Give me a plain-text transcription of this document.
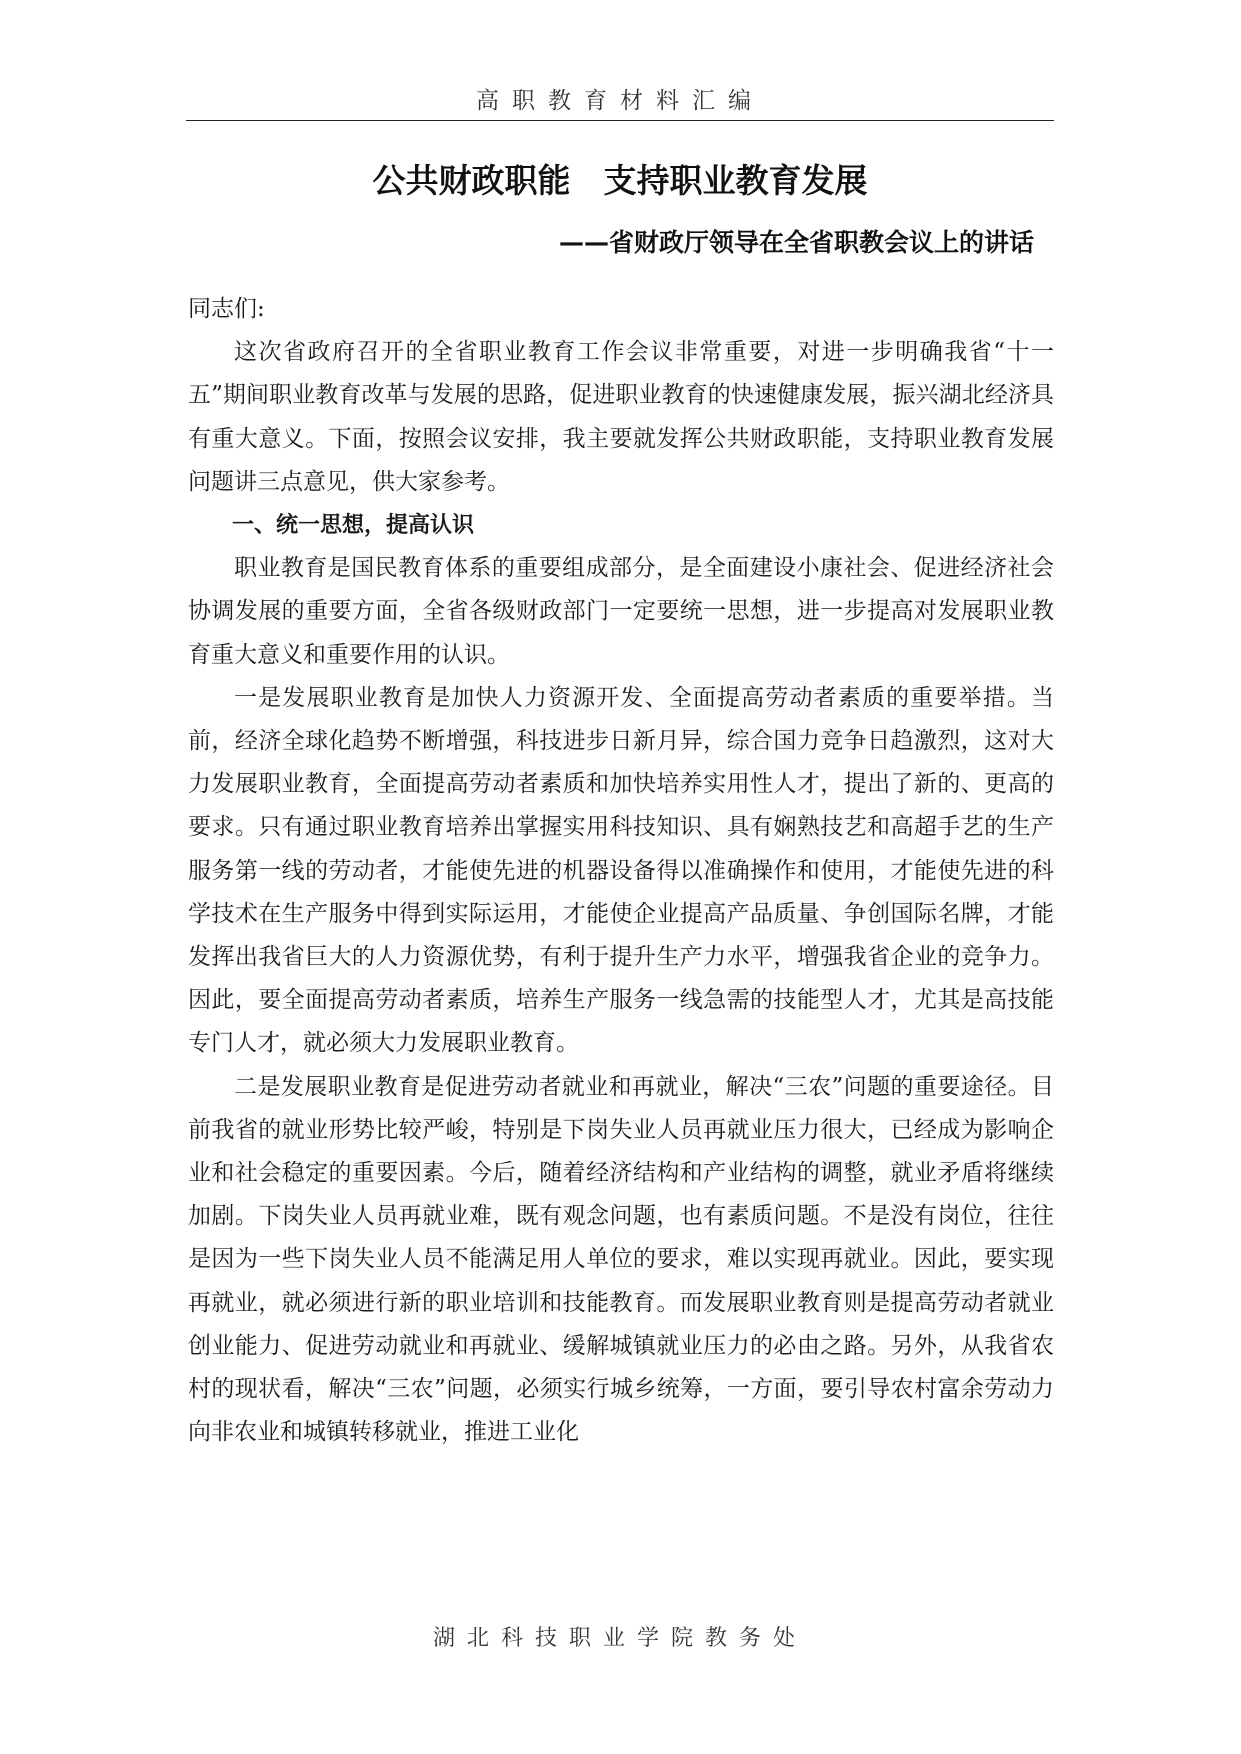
高职教育材料汇编
公共财政职能　支持职业教育发展
——省财政厅领导在全省职教会议上的讲话

同志们:

这次省政府召开的全省职业教育工作会议非常重要，对进一步明确我省“十一五”期间职业教育改革与发展的思路，促进职业教育的快速健康发展，振兴湖北经济具有重大意义。下面，按照会议安排，我主要就发挥公共财政职能，支持职业教育发展问题讲三点意见，供大家参考。

一、统一思想，提高认识

职业教育是国民教育体系的重要组成部分，是全面建设小康社会、促进经济社会协调发展的重要方面，全省各级财政部门一定要统一思想，进一步提高对发展职业教育重大意义和重要作用的认识。

一是发展职业教育是加快人力资源开发、全面提高劳动者素质的重要举措。当前，经济全球化趋势不断增强，科技进步日新月异，综合国力竞争日趋激烈，这对大力发展职业教育，全面提高劳动者素质和加快培养实用性人才，提出了新的、更高的要求。只有通过职业教育培养出掌握实用科技知识、具有娴熟技艺和高超手艺的生产服务第一线的劳动者，才能使先进的机器设备得以准确操作和使用，才能使先进的科学技术在生产服务中得到实际运用，才能使企业提高产品质量、争创国际名牌，才能发挥出我省巨大的人力资源优势，有利于提升生产力水平，增强我省企业的竞争力。因此，要全面提高劳动者素质，培养生产服务一线急需的技能型人才，尤其是高技能专门人才，就必须大力发展职业教育。

二是发展职业教育是促进劳动者就业和再就业，解决“三农”问题的重要途径。目前我省的就业形势比较严峻，特别是下岗失业人员再就业压力很大，已经成为影响企业和社会稳定的重要因素。今后，随着经济结构和产业结构的调整，就业矛盾将继续加剧。下岗失业人员再就业难，既有观念问题，也有素质问题。不是没有岗位，往往是因为一些下岗失业人员不能满足用人单位的要求，难以实现再就业。因此，要实现再就业，就必须进行新的职业培训和技能教育。而发展职业教育则是提高劳动者就业创业能力、促进劳动就业和再就业、缓解城镇就业压力的必由之路。另外，从我省农村的现状看，解决“三农”问题，必须实行城乡统筹，一方面，要引导农村富余劳动力向非农业和城镇转移就业，推进工业化

湖北科技职业学院教务处
